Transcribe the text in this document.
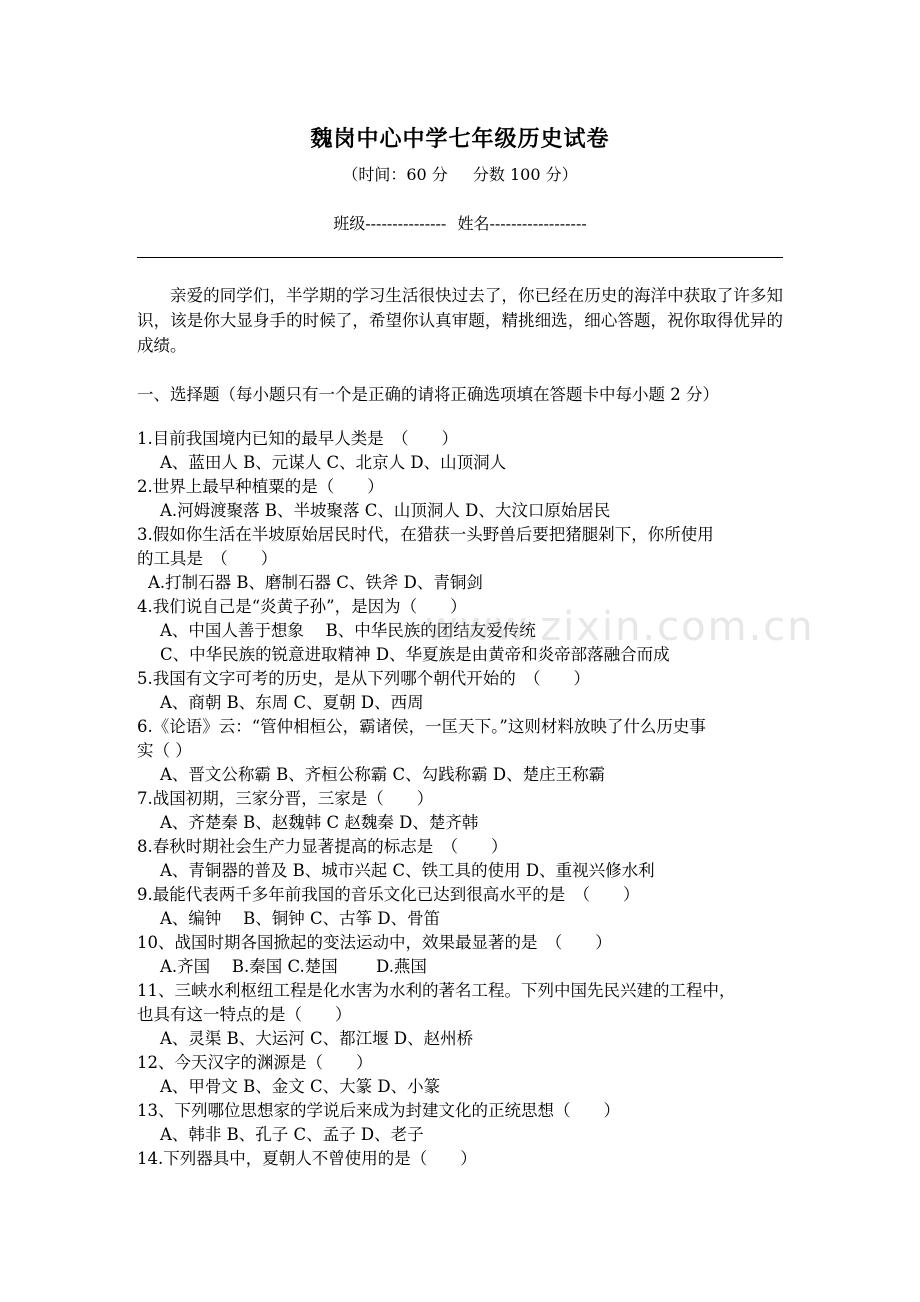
魏岗中心中学七年级历史试卷
（时间：60 分 分数 100 分）
班级--------------- 姓名------------------
亲爱的同学们，半学期的学习生活很快过去了，你已经在历史的海洋中获取了许多知识，该是你大显身手的时候了，希望你认真审题，精挑细选，细心答题，祝你取得优异的成绩。
一、选择题（每小题只有一个是正确的请将正确选项填在答题卡中每小题 2 分）
1.目前我国境内已知的最早人类是　（　　）
A、蓝田人 B、元谋人 C、北京人 D、山顶洞人
2.世界上最早种植粟的是（　　）
A.河姆渡聚落 B、半坡聚落 C、山顶洞人 D、大汶口原始居民
3.假如你生活在半坡原始居民时代，在猎获一头野兽后要把猪腿剁下，你所使用
的工具是　（　　）
A.打制石器 B、磨制石器 C、铁斧 D、青铜剑
4.我们说自己是“炎黄子孙”，是因为（　　）
A、中国人善于想象　 B、中华民族的团结友爱传统
C、中华民族的锐意进取精神 D、华夏族是由黄帝和炎帝部落融合而成
5.我国有文字可考的历史，是从下列哪个朝代开始的　（　　）
A、商朝 B、东周 C、夏朝 D、西周
6.《论语》云：“管仲相桓公，霸诸侯，一匡天下。”这则材料放映了什么历史事
实（ ）
A、晋文公称霸 B、齐桓公称霸 C、勾践称霸 D、楚庄王称霸
7.战国初期，三家分晋，三家是（　　）
A、齐楚秦 B、赵魏韩 C 赵魏秦 D、楚齐韩
8.春秋时期社会生产力显著提高的标志是　（　　）
A、青铜器的普及 B、城市兴起 C、铁工具的使用 D、重视兴修水利
9.最能代表两千多年前我国的音乐文化已达到很高水平的是　（　　）
A、编钟　 B、铜钟 C、古筝 D、骨笛
10、战国时期各国掀起的变法运动中，效果最显著的是　（　　）
A.齐国　 B.秦国 C.楚国　　 D.燕国
11、三峡水利枢纽工程是化水害为水利的著名工程。下列中国先民兴建的工程中，
也具有这一特点的是（　　）
A、灵渠 B、大运河 C、都江堰 D、赵州桥
12、今天汉字的渊源是（　　）
A、甲骨文 B、金文 C、大篆 D、小篆
13、下列哪位思想家的学说后来成为封建文化的正统思想（　　）
A、韩非 B、孔子 C、孟子 D、老子
14.下列器具中，夏朝人不曾使用的是（　　）
www.zixin.com.cn
